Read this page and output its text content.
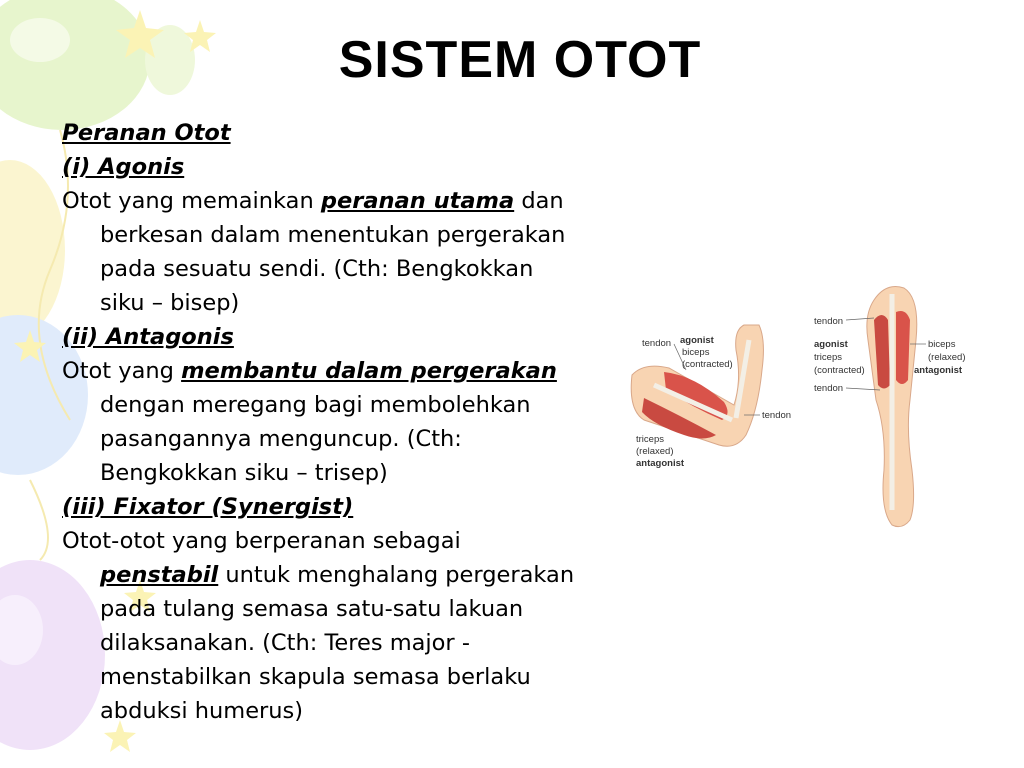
SISTEM OTOT
Peranan Otot
(i) Agonis
Otot yang memainkan peranan utama dan
berkesan dalam menentukan pergerakan
pada sesuatu sendi. (Cth: Bengkokkan
siku – bisep)
(ii) Antagonis
Otot yang membantu dalam pergerakan
dengan meregang bagi membolehkan
pasangannya menguncup. (Cth:
Bengkokkan siku – trisep)
(iii) Fixator (Synergist)
Otot-otot yang berperanan sebagai
penstabil untuk menghalang pergerakan
pada tulang semasa satu-satu lakuan
dilaksanakan. (Cth: Teres major -
menstabilkan skapula semasa berlaku
abduksi humerus)
tendon agonist
biceps
(contracted)
tendon
triceps
(relaxed)
antagonist
tendon
agonist
triceps
(contracted)
tendon
biceps
(relaxed)
antagonist
